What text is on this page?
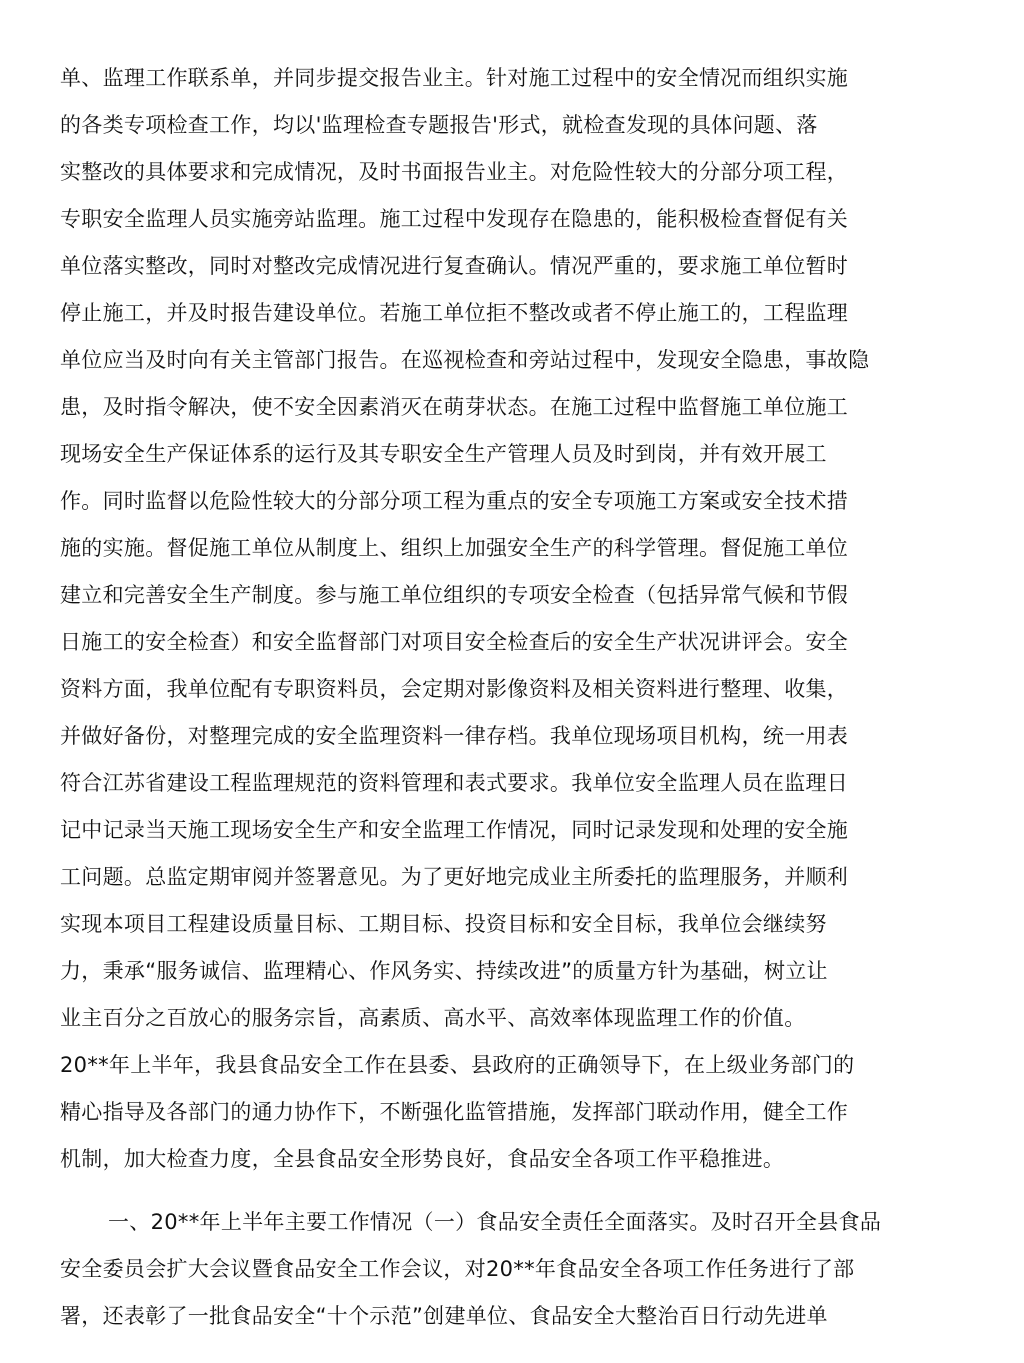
单、监理工作联系单，并同步提交报告业主。针对施工过程中的安全情况而组织实施
的各类专项检查工作，均以'监理检查专题报告'形式，就检查发现的具体问题、落
实整改的具体要求和完成情况，及时书面报告业主。对危险性较大的分部分项工程，
专职安全监理人员实施旁站监理。施工过程中发现存在隐患的，能积极检查督促有关
单位落实整改，同时对整改完成情况进行复查确认。情况严重的，要求施工单位暂时
停止施工，并及时报告建设单位。若施工单位拒不整改或者不停止施工的，工程监理
单位应当及时向有关主管部门报告。在巡视检查和旁站过程中，发现安全隐患，事故隐
患，及时指令解决，使不安全因素消灭在萌芽状态。在施工过程中监督施工单位施工
现场安全生产保证体系的运行及其专职安全生产管理人员及时到岗，并有效开展工
作。同时监督以危险性较大的分部分项工程为重点的安全专项施工方案或安全技术措
施的实施。督促施工单位从制度上、组织上加强安全生产的科学管理。督促施工单位
建立和完善安全生产制度。参与施工单位组织的专项安全检查（包括异常气候和节假
日施工的安全检查）和安全监督部门对项目安全检查后的安全生产状况讲评会。安全
资料方面，我单位配有专职资料员，会定期对影像资料及相关资料进行整理、收集，
并做好备份，对整理完成的安全监理资料一律存档。我单位现场项目机构，统一用表
符合江苏省建设工程监理规范的资料管理和表式要求。我单位安全监理人员在监理日
记中记录当天施工现场安全生产和安全监理工作情况，同时记录发现和处理的安全施
工问题。总监定期审阅并签署意见。为了更好地完成业主所委托的监理服务，并顺利
实现本项目工程建设质量目标、工期目标、投资目标和安全目标，我单位会继续努
力，秉承“服务诚信、监理精心、作风务实、持续改进”的质量方针为基础，树立让
业主百分之百放心的服务宗旨，高素质、高水平、高效率体现监理工作的价值。
20**年上半年，我县食品安全工作在县委、县政府的正确领导下，在上级业务部门的
精心指导及各部门的通力协作下，不断强化监管措施，发挥部门联动作用，健全工作
机制，加大检查力度，全县食品安全形势良好，食品安全各项工作平稳推进。
一、20**年上半年主要工作情况（一）食品安全责任全面落实。及时召开全县食品
安全委员会扩大会议暨食品安全工作会议，对20**年食品安全各项工作任务进行了部
署，还表彰了一批食品安全“十个示范”创建单位、食品安全大整治百日行动先进单
